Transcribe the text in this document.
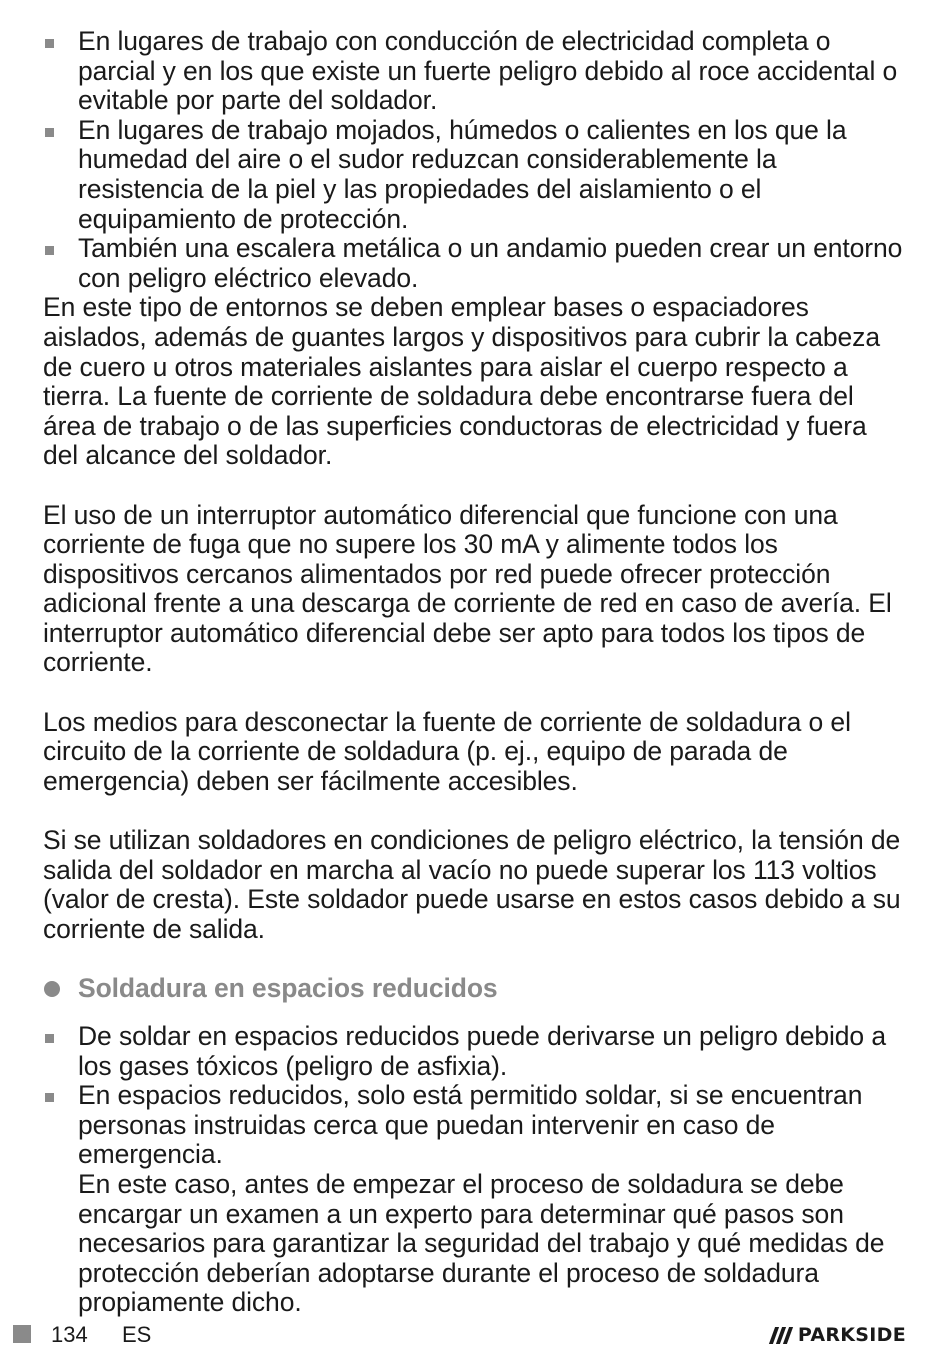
En lugares de trabajo con conducción de electricidad completa o parcial y en los que existe un fuerte peligro debido al roce accidental o evitable por parte del soldador.
En lugares de trabajo mojados, húmedos o calientes en los que la humedad del aire o el sudor reduzcan considerablemente la resistencia de la piel y las propiedades del aislamiento o el equipamiento de protección.
También una escalera metálica o un andamio pueden crear un entorno con peligro eléctrico elevado.

En este tipo de entornos se deben emplear bases o espaciadores aislados, además de guantes largos y dispositivos para cubrir la cabeza de cuero u otros materiales aislantes para aislar el cuerpo respecto a tierra. La fuente de corriente de soldadura debe encontrarse fuera del área de trabajo o de las superficies conductoras de electricidad y fuera del alcance del soldador.

El uso de un interruptor automático diferencial que funcione con una corriente de fuga que no supere los 30 mA y alimente todos los dispositivos cercanos alimentados por red puede ofrecer protección adicional frente a una descarga de corriente de red en caso de avería. El interruptor automático diferencial debe ser apto para todos los tipos de corriente.

Los medios para desconectar la fuente de corriente de soldadura o el circuito de la corriente de soldadura (p. ej., equipo de parada de emergencia) deben ser fácilmente accesibles.

Si se utilizan soldadores en condiciones de peligro eléctrico, la tensión de salida del soldador en marcha al vacío no puede superar los 113 voltios (valor de cresta). Este soldador puede usarse en estos casos debido a su corriente de salida.

Soldadura en espacios reducidos
De soldar en espacios reducidos puede derivarse un peligro debido a los gases tóxicos (peligro de asfixia).
En espacios reducidos, solo está permitido soldar, si se encuentran personas instruidas cerca que puedan intervenir en caso de emergencia.
En este caso, antes de empezar el proceso de soldadura se debe encargar un examen a un experto para determinar qué pasos son necesarios para garantizar la seguridad del trabajo y qué medidas de protección deberían adoptarse durante el proceso de soldadura propiamente dicho.
134 ES	PARKSIDE
